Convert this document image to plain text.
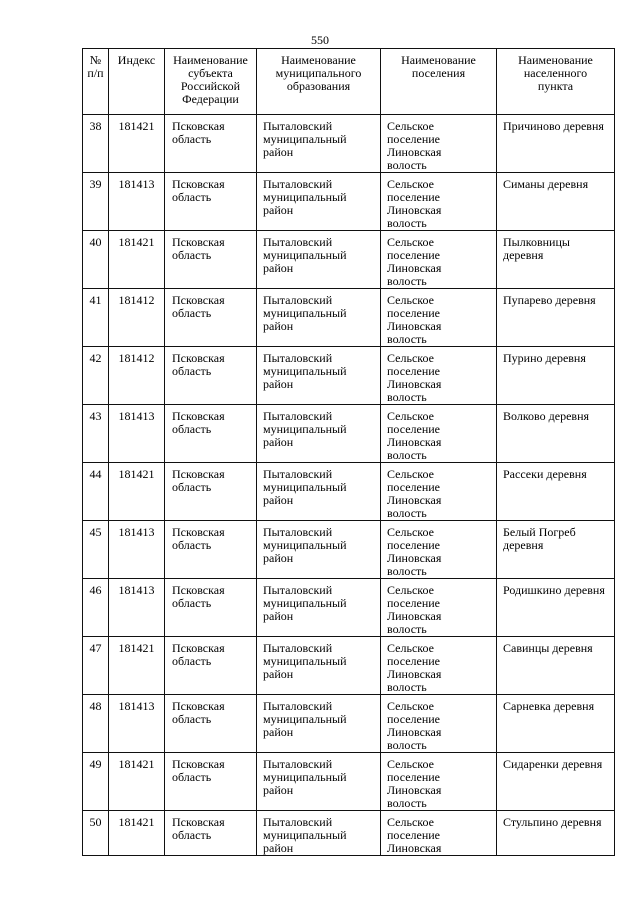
550
№ п/п	Индекс	Наименование субъекта Российской Федерации	Наименование муниципального образования	Наименование поселения	Наименование населенного пункта

38	181421	Псковская область	Пыталовский муниципальный район	Сельское поселение Линовская волость	Причиново деревня

39	181413	Псковская область	Пыталовский муниципальный район	Сельское поселение Линовская волость	Симаны деревня

40	181421	Псковская область	Пыталовский муниципальный район	Сельское поселение Линовская волость	Пылковницы деревня

41	181412	Псковская область	Пыталовский муниципальный район	Сельское поселение Линовская волость	Пупарево деревня

42	181412	Псковская область	Пыталовский муниципальный район	Сельское поселение Линовская волость	Пурино деревня

43	181413	Псковская область	Пыталовский муниципальный район	Сельское поселение Линовская волость	Волково деревня

44	181421	Псковская область	Пыталовский муниципальный район	Сельское поселение Линовская волость	Рассеки деревня

45	181413	Псковская область	Пыталовский муниципальный район	Сельское поселение Линовская волость	Белый Погреб деревня

46	181413	Псковская область	Пыталовский муниципальный район	Сельское поселение Линовская волость	Родишкино деревня

47	181421	Псковская область	Пыталовский муниципальный район	Сельское поселение Линовская волость	Савинцы деревня

48	181413	Псковская область	Пыталовский муниципальный район	Сельское поселение Линовская волость	Сарневка деревня

49	181421	Псковская область	Пыталовский муниципальный район	Сельское поселение Линовская волость	Сидаренки деревня

50	181421	Псковская область	Пыталовский муниципальный район	Сельское поселение Линовская	Стульпино деревня
